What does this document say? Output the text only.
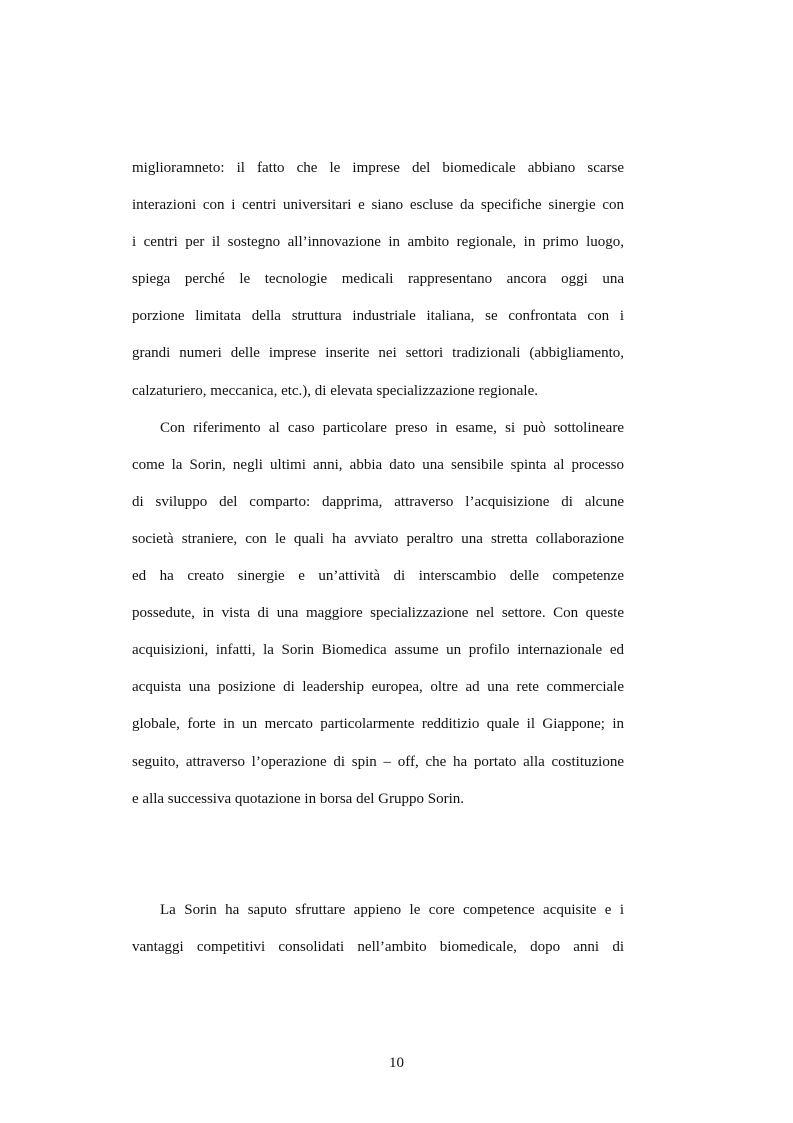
miglioramneto: il fatto che le imprese del biomedicale abbiano scarse
interazioni con i centri universitari e siano escluse da specifiche sinergie con
i centri per il sostegno all’innovazione in ambito regionale, in primo luogo,
spiega perché le tecnologie medicali rappresentano ancora oggi una
porzione limitata della struttura industriale italiana, se confrontata con i
grandi numeri delle imprese inserite nei settori tradizionali (abbigliamento,
calzaturiero, meccanica, etc.), di elevata specializzazione regionale.
Con riferimento al caso particolare preso in esame, si può sottolineare
come la Sorin, negli ultimi anni, abbia dato una sensibile spinta al processo
di sviluppo del comparto: dapprima, attraverso l’acquisizione di alcune
società straniere, con le quali ha avviato peraltro una stretta collaborazione
ed ha creato sinergie e un’attività di interscambio delle competenze
possedute, in vista di una maggiore specializzazione nel settore. Con queste
acquisizioni, infatti, la Sorin Biomedica assume un profilo internazionale ed
acquista una posizione di leadership europea, oltre ad una rete commerciale
globale, forte in un mercato particolarmente redditizio quale il Giappone; in
seguito, attraverso l’operazione di spin – off, che ha portato alla costituzione
e alla successiva quotazione in borsa del Gruppo Sorin.
La Sorin ha saputo sfruttare appieno le core competence acquisite e i
vantaggi competitivi consolidati nell’ambito biomedicale, dopo anni di
10
